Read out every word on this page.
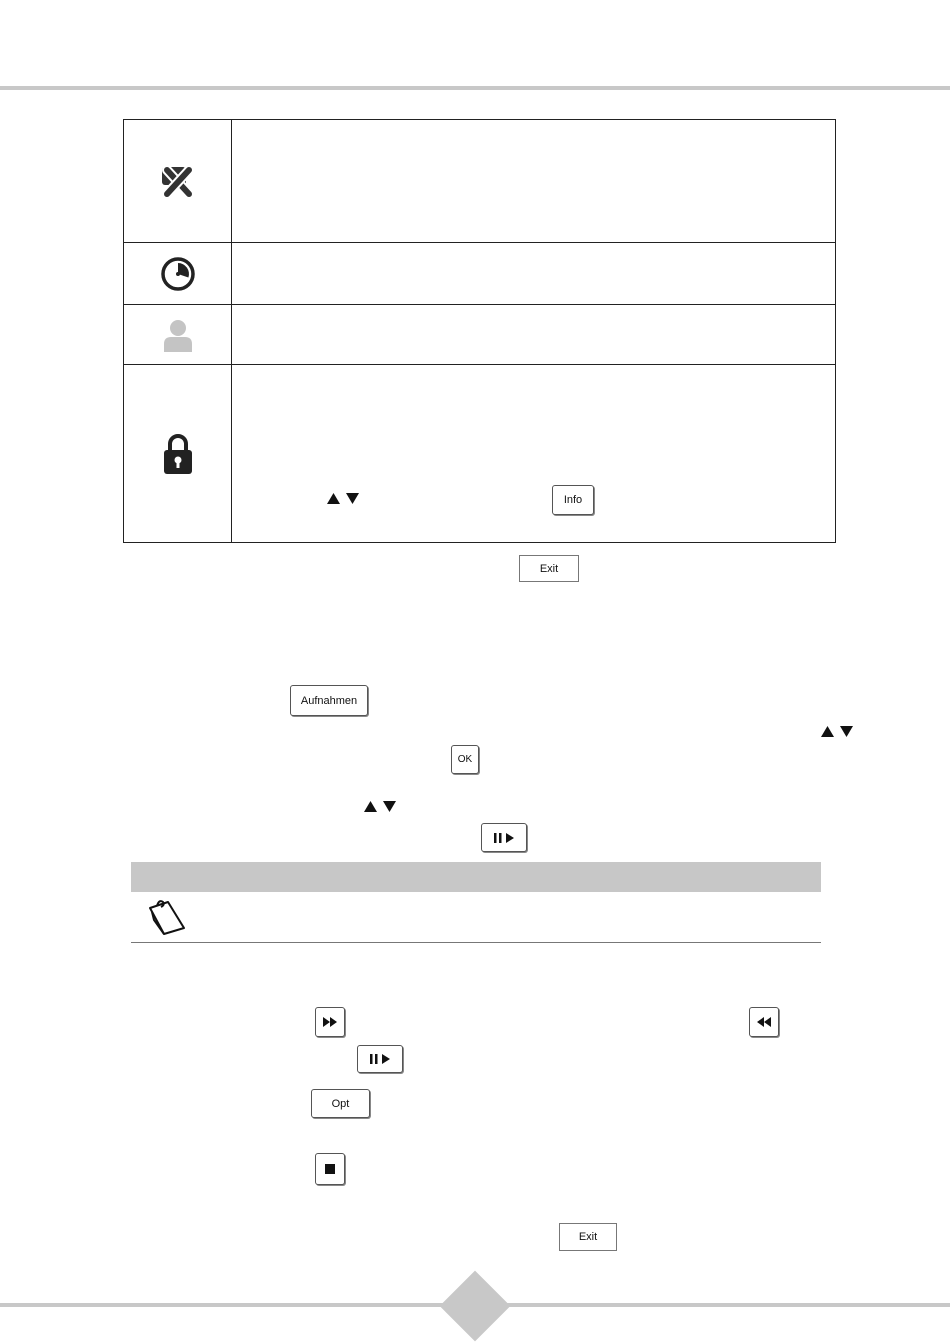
Info
Exit
Aufnahmen
OK
Opt
Exit
